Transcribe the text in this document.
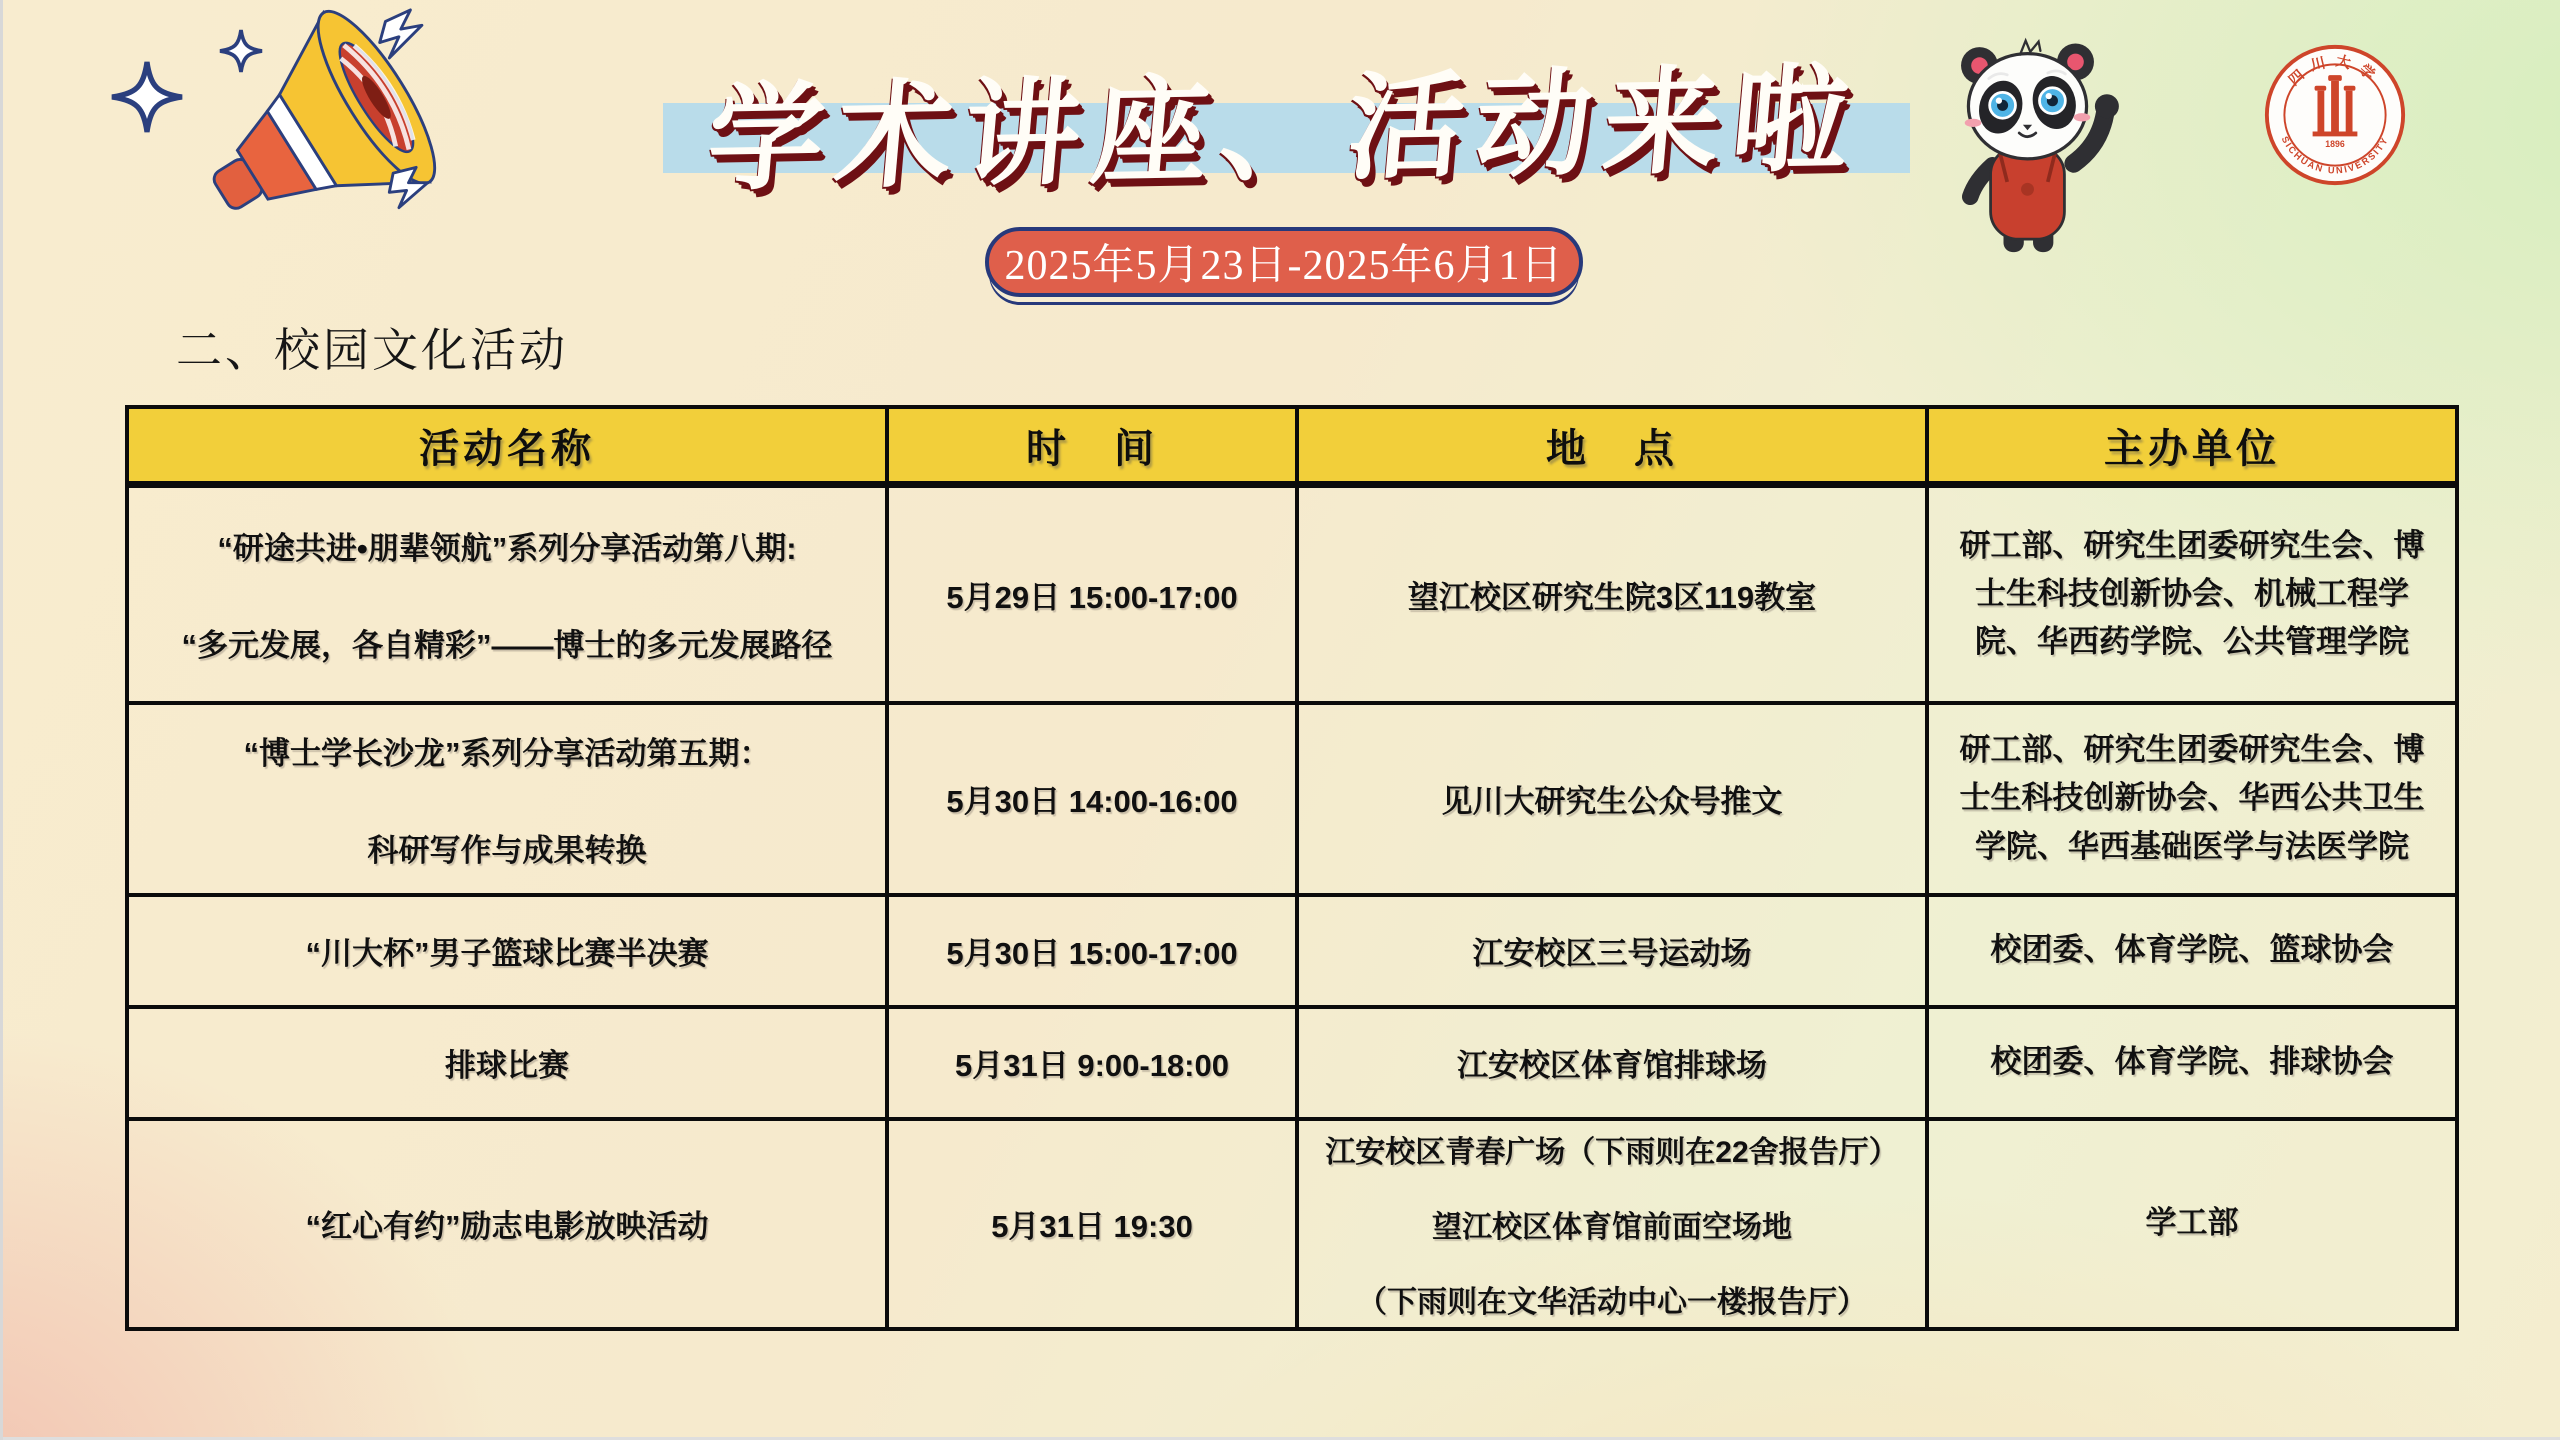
学术讲座、活动来啦
2025年5月23日-2025年6月1日
四川大学
SICHUAN UNIVERSITY
1896
二、校园文化活动
活动名称	时　间	地　点	主办单位

“研途共进•朋辈领航”系列分享活动第八期:
“多元发展，各自精彩”——博士的多元发展路径	5月29日 15:00-17:00	望江校区研究生院3区119教室	研工部、研究生团委研究生会、博士生科技创新协会、机械工程学院、华西药学院、公共管理学院

“博士学长沙龙”系列分享活动第五期：
科研写作与成果转换	5月30日 14:00-16:00	见川大研究生公众号推文	研工部、研究生团委研究生会、博士生科技创新协会、华西公共卫生学院、华西基础医学与法医学院
“川大杯”男子篮球比赛半决赛	5月30日 15:00-17:00	江安校区三号运动场	校团委、体育学院、篮球协会
排球比赛	5月31日 9:00-18:00	江安校区体育馆排球场	校团委、体育学院、排球协会
“红心有约”励志电影放映活动	5月31日 19:30	江安校区青春广场（下雨则在22舍报告厅）
望江校区体育馆前面空场地
（下雨则在文华活动中心一楼报告厅）	学工部
